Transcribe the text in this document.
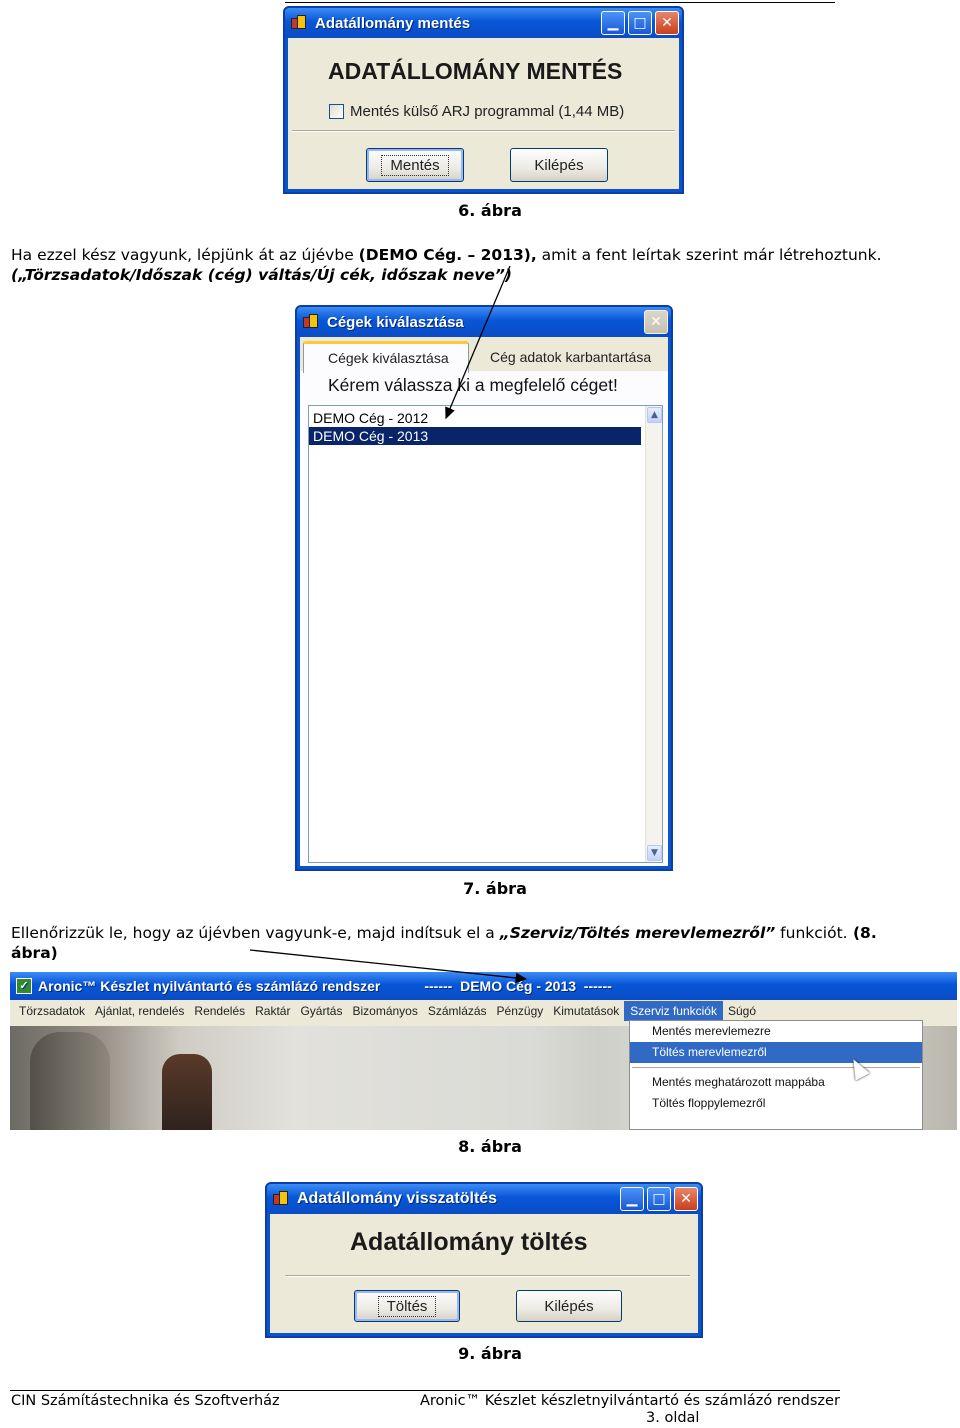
Adatállomány mentés	▁	□	✕
ADATÁLLOMÁNY MENTÉS
Mentés külső ARJ programmal (1,44 MB)
Mentés	Kilépés
6. ábra
Ha ezzel kész vagyunk, lépjünk át az újévbe (DEMO Cég. – 2013), amit a fent leírtak szerint már létrehoztunk.
(„Törzsadatok/Időszak (cég) váltás/Új cék, időszak neve”)
Cégek kiválasztása	✕
Cégek kiválasztása	Cég adatok karbantartása
Kérem válassza ki a megfelelő céget!
DEMO Cég - 2012
DEMO Cég - 2013
▲
▼
7. ábra
Ellenőrizzük le, hogy az újévben vagyunk-e, majd indítsuk el a „Szerviz/Töltés merevlemezről” funkciót. (8.
ábra)
✓ Aronic™ Készlet nyilvántartó és számlázó rendszer	------  DEMO Cég - 2013  ------
Törzsadatok Ajánlat, rendelés Rendelés Raktár Gyártás Bizományos Számlázás Pénzügy Kimutatások Szerviz funkciók Súgó
Mentés merevlemezre
Töltés merevlemezről
Mentés meghatározott mappába
Töltés floppylemezről
8. ábra
Adatállomány visszatöltés	▁	□	✕
Adatállomány töltés
Töltés	Kilépés
9. ábra
CIN Számítástechnika és Szoftverház	Aronic™ Készlet készletnyilvántartó és számlázó rendszer
3. oldal
